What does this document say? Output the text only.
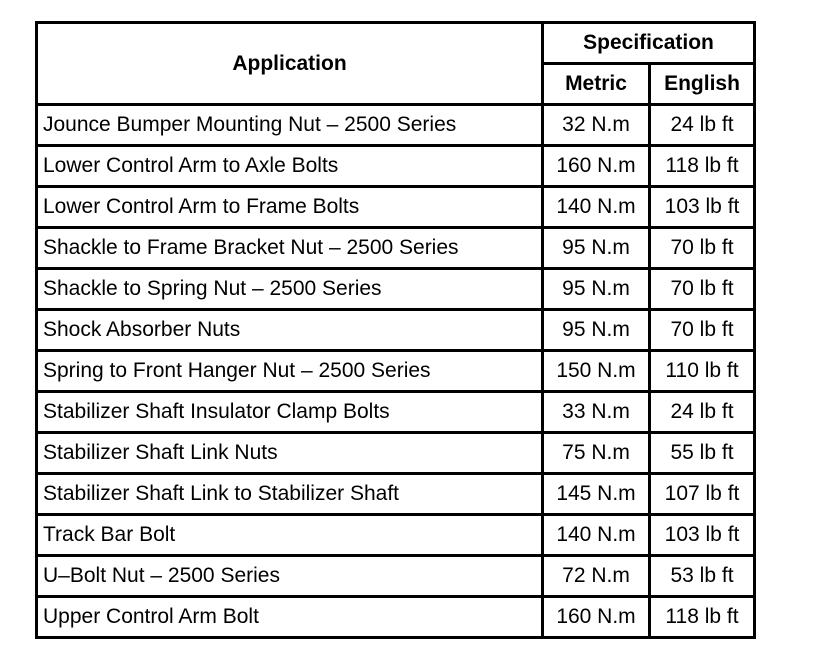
Application	Specification	
	Metric	English
Jounce Bumper Mounting Nut – 2500 Series	32 N.m	24 lb ft
Lower Control Arm to Axle Bolts	160 N.m	118 lb ft
Lower Control Arm to Frame Bolts	140 N.m	103 lb ft
Shackle to Frame Bracket Nut – 2500 Series	95 N.m	70 lb ft
Shackle to Spring Nut – 2500 Series	95 N.m	70 lb ft
Shock Absorber Nuts	95 N.m	70 lb ft
Spring to Front Hanger Nut – 2500 Series	150 N.m	110 lb ft
Stabilizer Shaft Insulator Clamp Bolts	33 N.m	24 lb ft
Stabilizer Shaft Link Nuts	75 N.m	55 lb ft
Stabilizer Shaft Link to Stabilizer Shaft	145 N.m	107 lb ft
Track Bar Bolt	140 N.m	103 lb ft
U–Bolt Nut – 2500 Series	72 N.m	53 lb ft
Upper Control Arm Bolt	160 N.m	118 lb ft
